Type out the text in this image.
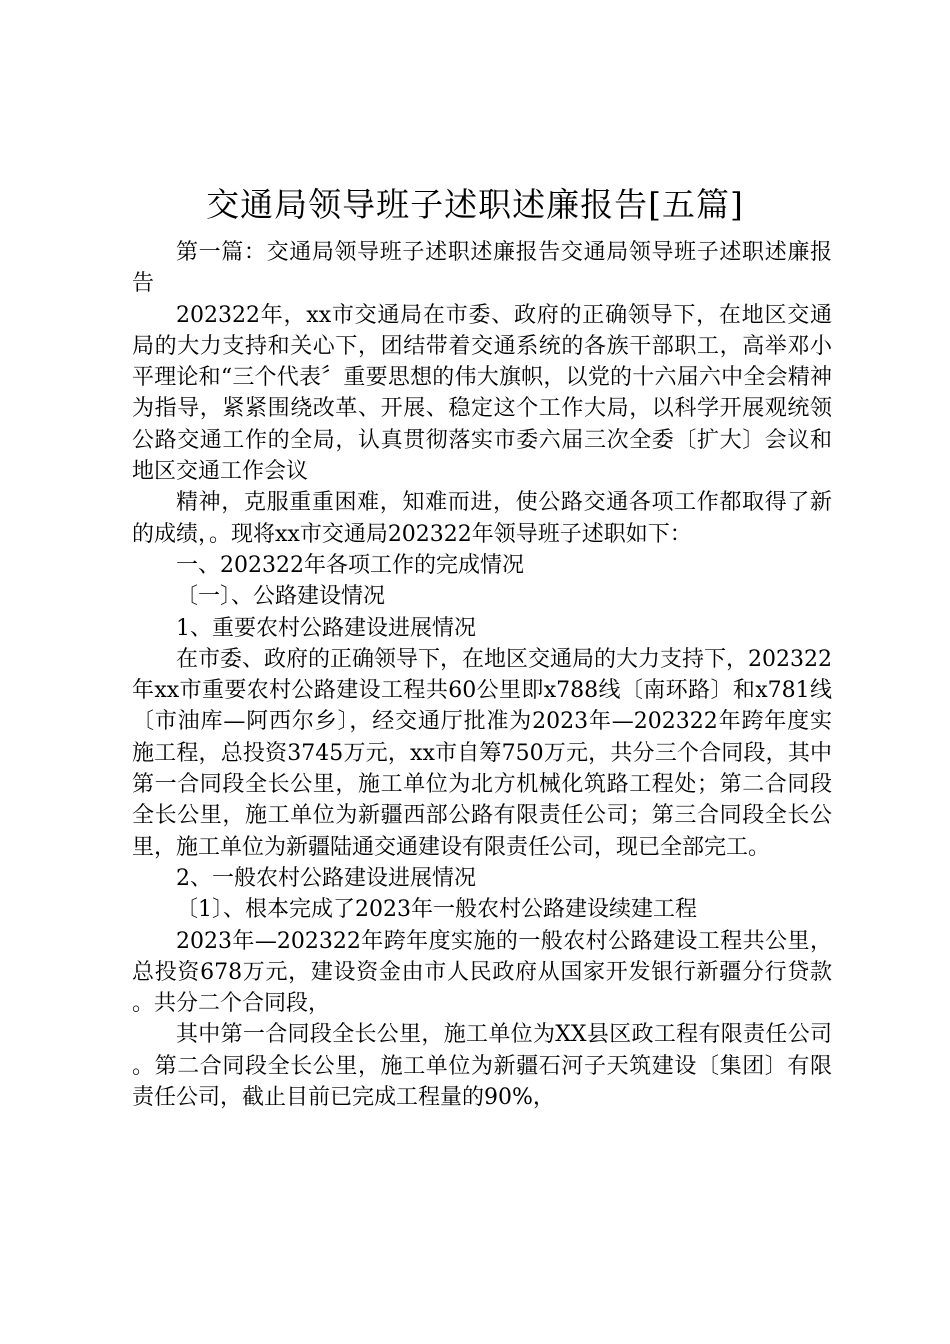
交通局领导班子述职述廉报告[五篇]

第一篇：交通局领导班子述职述廉报告交通局领导班子述职述廉报告

202322年，xx市交通局在市委、政府的正确领导下，在地区交通局的大力支持和关心下，团结带着交通系统的各族干部职工，高举邓小平理论和“三个代表〞重要思想的伟大旗帜，以党的十六届六中全会精神为指导，紧紧围绕改革、开展、稳定这个工作大局，以科学开展观统领公路交通工作的全局，认真贯彻落实市委六届三次全委〔扩大〕会议和地区交通工作会议

精神，克服重重困难，知难而进，使公路交通各项工作都取得了新的成绩，。现将xx市交通局202322年领导班子述职如下：

一、202322年各项工作的完成情况

〔一〕、公路建设情况

1、重要农村公路建设进展情况

在市委、政府的正确领导下，在地区交通局的大力支持下，202322年xx市重要农村公路建设工程共60公里即x788线〔南环路〕和x781线〔市油库—阿西尔乡〕，经交通厅批准为2023年—202322年跨年度实施工程，总投资3745万元，xx市自筹750万元，共分三个合同段，其中第一合同段全长公里，施工单位为北方机械化筑路工程处；第二合同段全长公里，施工单位为新疆西部公路有限责任公司；第三合同段全长公里，施工单位为新疆陆通交通建设有限责任公司，现已全部完工。

2、一般农村公路建设进展情况

〔1〕、根本完成了2023年一般农村公路建设续建工程

2023年—202322年跨年度实施的一般农村公路建设工程共公里，总投资678万元，建设资金由市人民政府从国家开发银行新疆分行贷款。共分二个合同段，

其中第一合同段全长公里，施工单位为XX县区政工程有限责任公司。第二合同段全长公里，施工单位为新疆石河子天筑建设〔集团〕有限责任公司，截止目前已完成工程量的90%，
